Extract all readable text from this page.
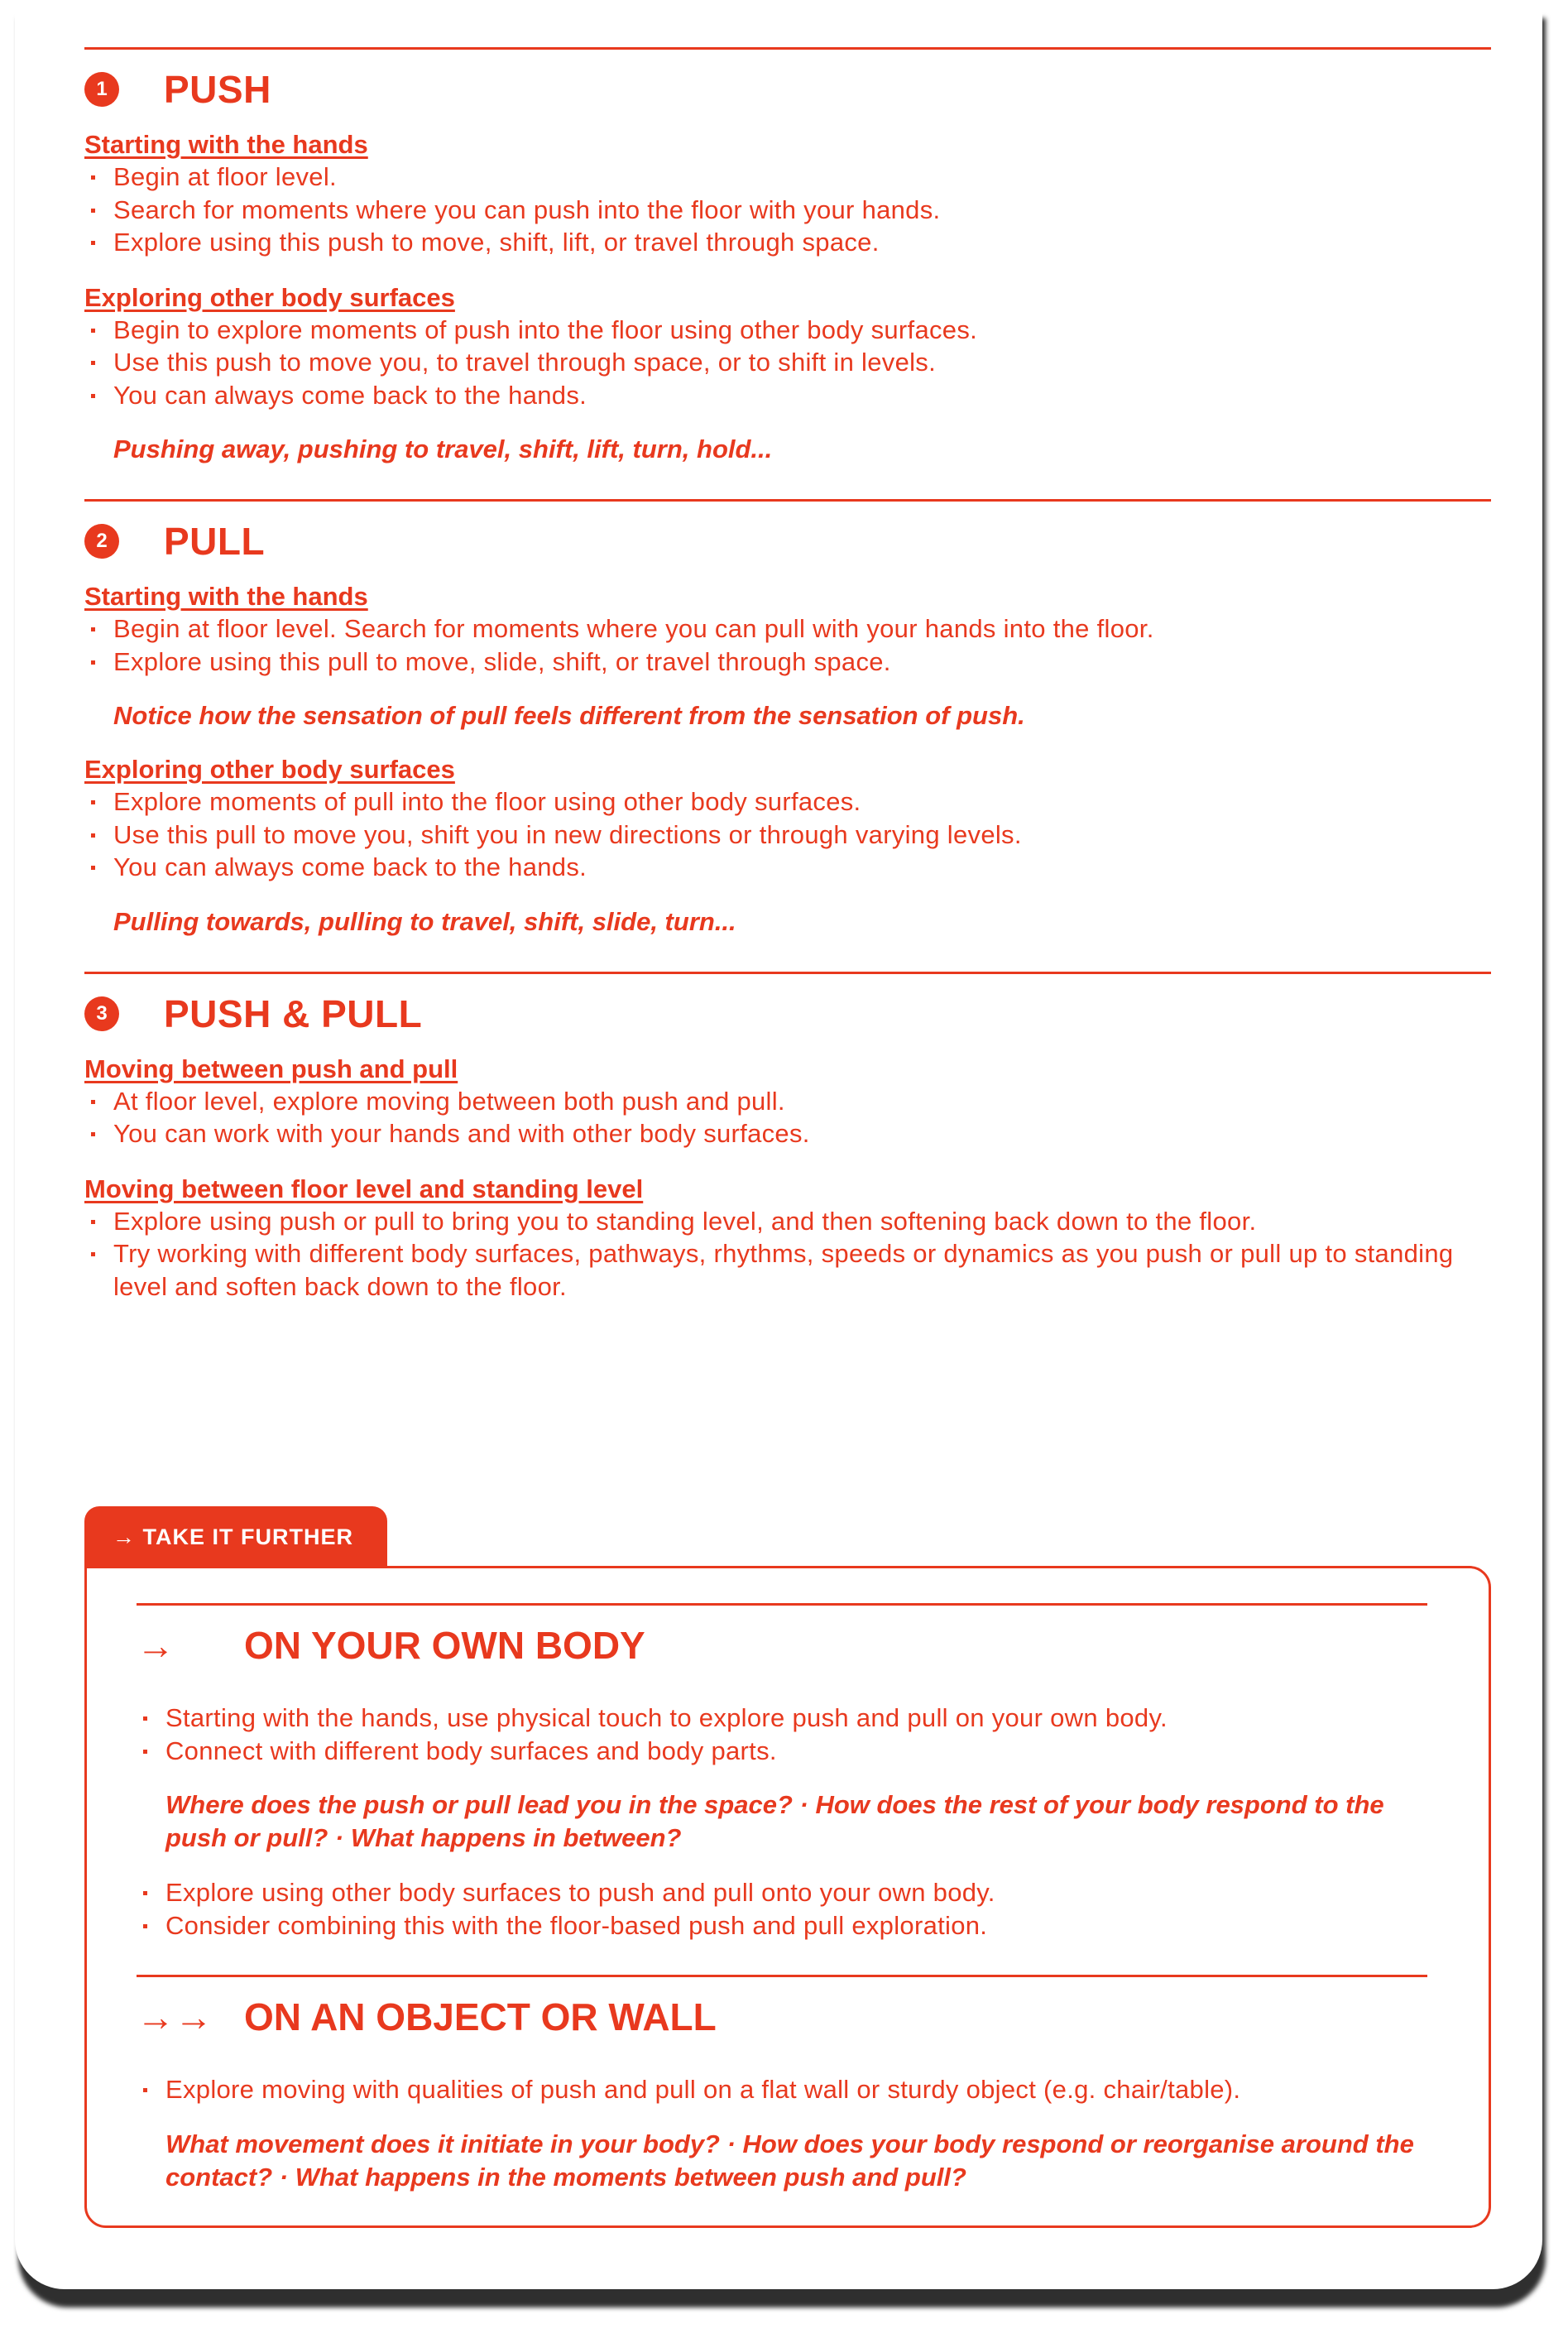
1	PUSH
Starting with the hands
Begin at floor level.
Search for moments where you can push into the floor with your hands.
Explore using this push to move, shift, lift, or travel through space.
Exploring other body surfaces
Begin to explore moments of push into the floor using other body surfaces.
Use this push to move you, to travel through space, or to shift in levels.
You can always come back to the hands.
Pushing away, pushing to travel, shift, lift, turn, hold...
2	PULL
Starting with the hands
Begin at floor level. Search for moments where you can pull with your hands into the floor.
Explore using this pull to move, slide, shift, or travel through space.
Notice how the sensation of pull feels different from the sensation of push.
Exploring other body surfaces
Explore moments of pull into the floor using other body surfaces.
Use this pull to move you, shift you in new directions or through varying levels.
You can always come back to the hands.
Pulling towards, pulling to travel, shift, slide, turn...
3	PUSH & PULL
Moving between push and pull
At floor level, explore moving between both push and pull.
You can work with your hands and with other body surfaces.
Moving between floor level and standing level
Explore using push or pull to bring you to standing level, and then softening back down to the floor.
Try working with different body surfaces, pathways, rhythms, speeds or dynamics as you push or pull up to standing level and soften back down to the floor.
→ TAKE IT FURTHER
→	ON YOUR OWN BODY
Starting with the hands, use physical touch to explore push and pull on your own body.
Connect with different body surfaces and body parts.
Where does the push or pull lead you in the space? · How does the rest of your body respond to the push or pull? · What happens in between?
Explore using other body surfaces to push and pull onto your own body.
Consider combining this with the floor-based push and pull exploration.
→→ ON AN OBJECT OR WALL
Explore moving with qualities of push and pull on a flat wall or sturdy object (e.g. chair/table).
What movement does it initiate in your body? · How does your body respond or reorganise around the contact? · What happens in the moments between push and pull?
